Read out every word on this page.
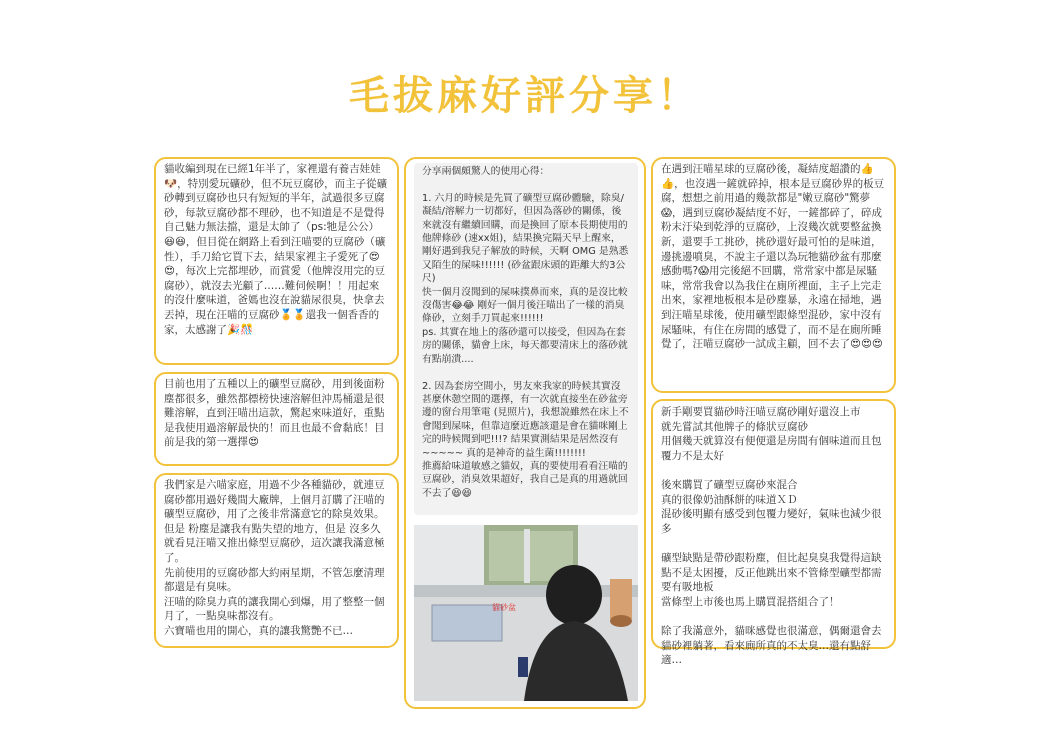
毛拔麻好評分享！

貓收編到現在已經1年半了，家裡還有養吉娃娃🐶，特別愛玩礦砂，但不玩豆腐砂，而主子從礦砂轉到豆腐砂也只有短短的半年，試過很多豆腐砂，每款豆腐砂都不理砂，也不知道是不是覺得自己魅力無法擋，還是太帥了（ps:牠是公公）😆😆，但目從在網路上看到汪喵要的豆腐砂（礦性），手刀給它買下去，結果家裡主子愛死了😍😍，每次上完都埋砂，而賞愛（他牌沒用完的豆腐砂），就沒去光顧了……難伺候啊！！用起來的沒什麼味道，爸媽也沒在說貓尿很臭，快拿去丟掉，現在汪喵的豆腐砂🏅🏅還我一個香香的家，太感謝了🎉🎊

目前也用了五種以上的礦型豆腐砂，用到後面粉塵都很多，雖然都標榜快速溶解但沖馬桶還是很難溶解，直到汪喵出這款，驚起來味道好，重點是我使用過溶解最快的！而且也最不會黏底！目前是我的第一選擇😍

我們家是六喵家庭，用過不少各種貓砂，就連豆腐砂都用過好幾間大廠牌，上個月訂購了汪喵的礦型豆腐砂，用了之後非常滿意它的除臭效果。
但是 粉塵是讓我有點失望的地方，但是 沒多久就看見汪喵又推出條型豆腐砂，這次讓我滿意極了。
先前使用的豆腐砂都大約兩星期，不管怎麼清理都還是有臭味。
汪喵的除臭力真的讓我開心到爆，用了整整一個月了，一點臭味都沒有。
六寶喵也用的開心，真的讓我驚艷不已…

分享兩個頗驚人的使用心得：

1. 六月的時候是先買了礦型豆腐砂體驗，除臭/凝結/溶解力一切都好，但因為落砂的關係，後來就沒有繼續回購，而是換回了原本長期使用的他牌條砂 (速xx姐)，結果換完隔天早上醒來，剛好遇到我兒子解放的時候，天啊 OMG 是熟悉又陌生的屎味!!!!!! (砂盆跟床頭的距離大約3公尺)
快一個月沒聞到的屎味撲鼻而來，真的是沒比較沒傷害😂😂 剛好一個月後汪喵出了一樣的消臭條砂，立刻手刀買起來!!!!!!
ps. 其實在地上的落砂還可以接受，但因為在套房的關係，貓會上床，每天都要清床上的落砂就有點崩潰....

2. 因為套房空間小，男友來我家的時候其實沒甚麼休憩空間的選擇，有一次就直接坐在砂盆旁邊的窗台用筆電 (見照片)，我想說雖然在床上不會聞到屎味，但靠這麼近應該還是會在貓咪剛上完的時候聞到吧!!!? 結果實測結果是居然沒有~~~~~ 真的是神奇的益生菌!!!!!!!!
推薦給味道敏感之貓奴，真的要使用看看汪喵的豆腐砂，消臭效果超好，我自己是真的用過就回不去了😆😆

貓砂盆

在遇到汪喵星球的豆腐砂後，凝結度超讚的👍👍，也沒遇一鏟就碎掉，根本是豆腐砂界的板豆腐，想想之前用過的幾款都是"嫩豆腐砂"驚夢😱，遇到豆腐砂凝結度不好，一鏟都碎了，碎成粉末汙染到乾淨的豆腐砂，上沒幾次就要整盆換新，還要手工挑砂，挑砂還好最可怕的是味道，邊挑邊噴臭，不說主子還以為玩牠貓砂盆有那麼感動嗎?😱用完後絕不回購，常常家中都是尿騷味，常常我會以為我住在廁所裡面，主子上完走出來，家裡地板根本是砂塵暴，永遠在掃地，遇到汪喵星球後，使用礦型跟條型混砂，家中沒有尿騷味，有住在房間的感覺了，而不是在廁所睡覺了，汪喵豆腐砂一試成主顧，回不去了😍😍😍

新手剛要買貓砂時汪喵豆腐砂剛好還沒上市
就先嘗試其他牌子的條狀豆腐砂
用個幾天就算沒有便便還是房間有個味道而且包覆力不是太好

後來購買了礦型豆腐砂來混合
真的很像奶油酥餅的味道ＸＤ
混砂後明顯有感受到包覆力變好，氣味也減少很多

礦型缺點是帶砂跟粉塵，但比起臭臭我覺得這缺點不是太困擾，反正他跳出來不管條型礦型都需要有吸地板
當條型上市後也馬上購買混搭組合了！

除了我滿意外，貓咪感覺也很滿意，偶爾還會去貓砂裡躺著，看來廁所真的不太臭…還有點舒適…
